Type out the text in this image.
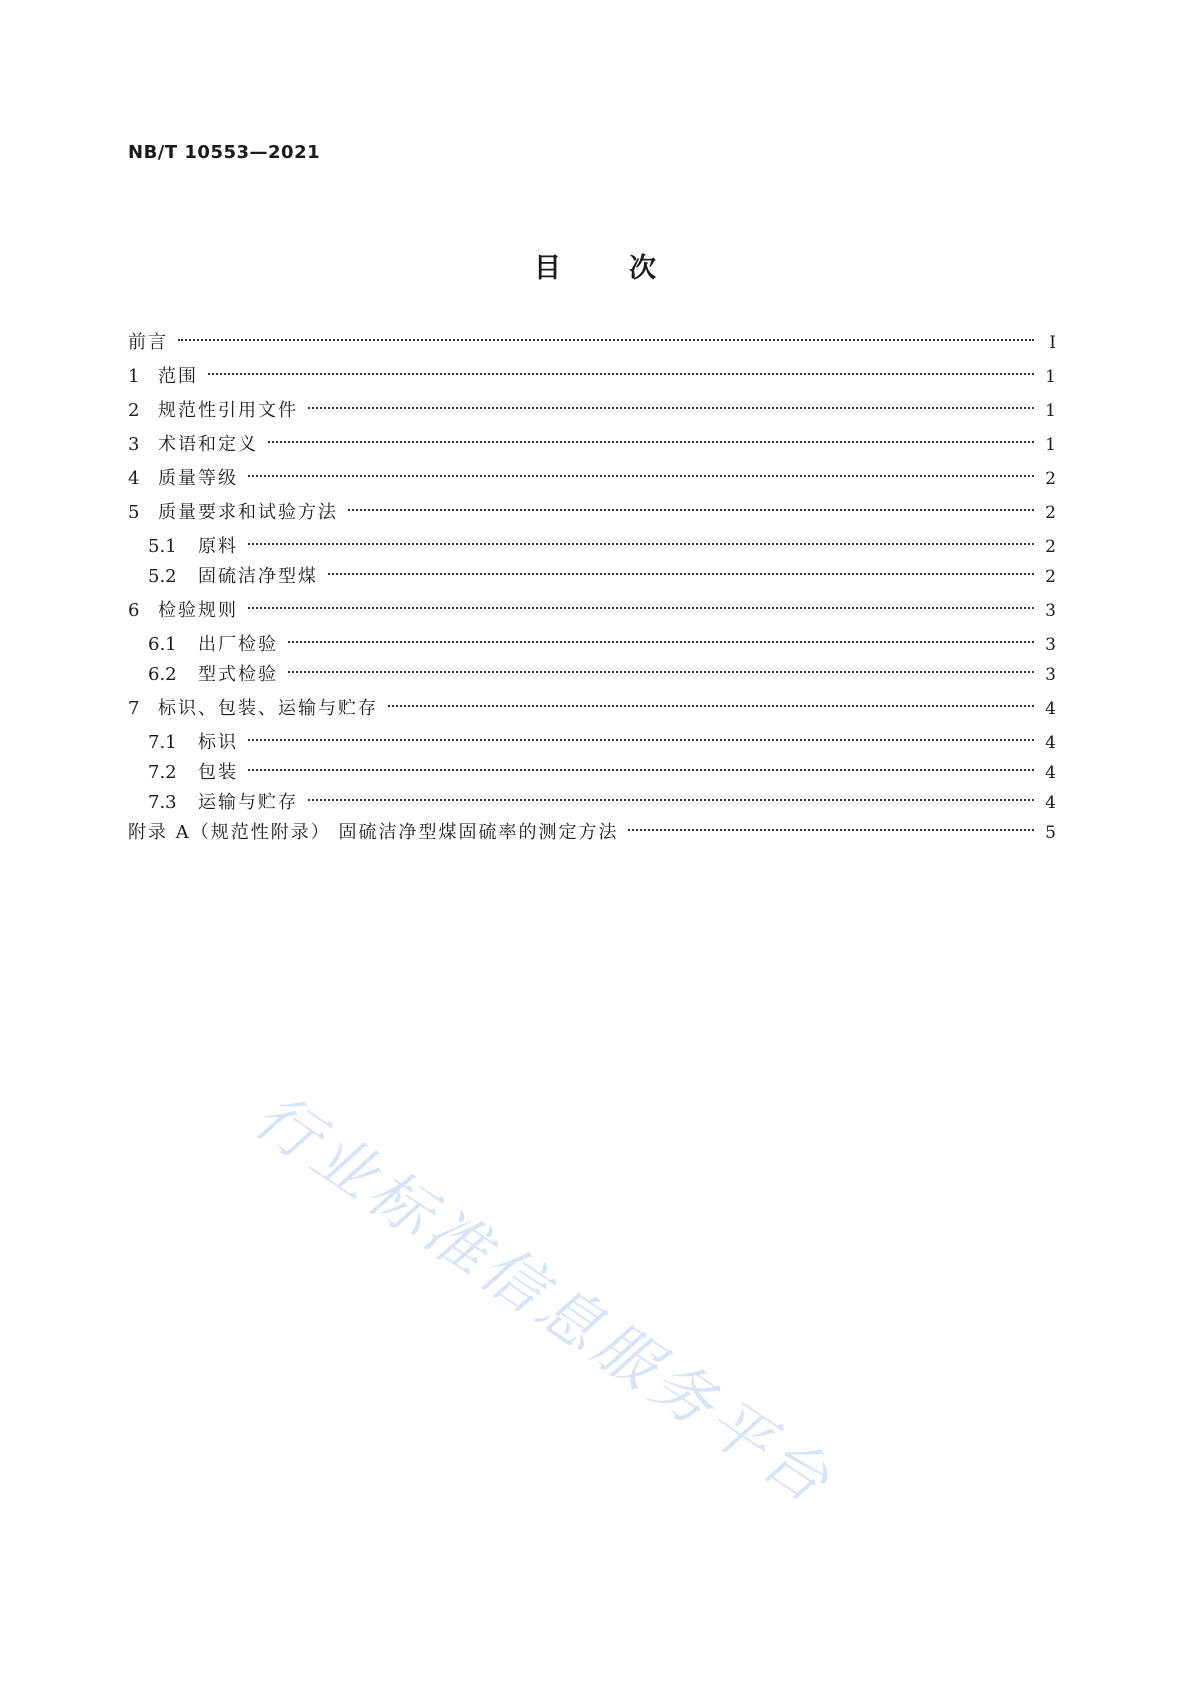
NB/T 10553—2021
目次
前言	I
1	范围	1
2	规范性引用文件	1
3	术语和定义	1
4	质量等级	2
5	质量要求和试验方法	2
5.1	原料	2
5.2	固硫洁净型煤	2
6	检验规则	3
6.1	出厂检验	3
6.2	型式检验	3
7	标识、包装、运输与贮存	4
7.1	标识	4
7.2	包装	4
7.3	运输与贮存	4
附录 A（规范性附录） 固硫洁净型煤固硫率的测定方法	5
行业标准信息服务平台
